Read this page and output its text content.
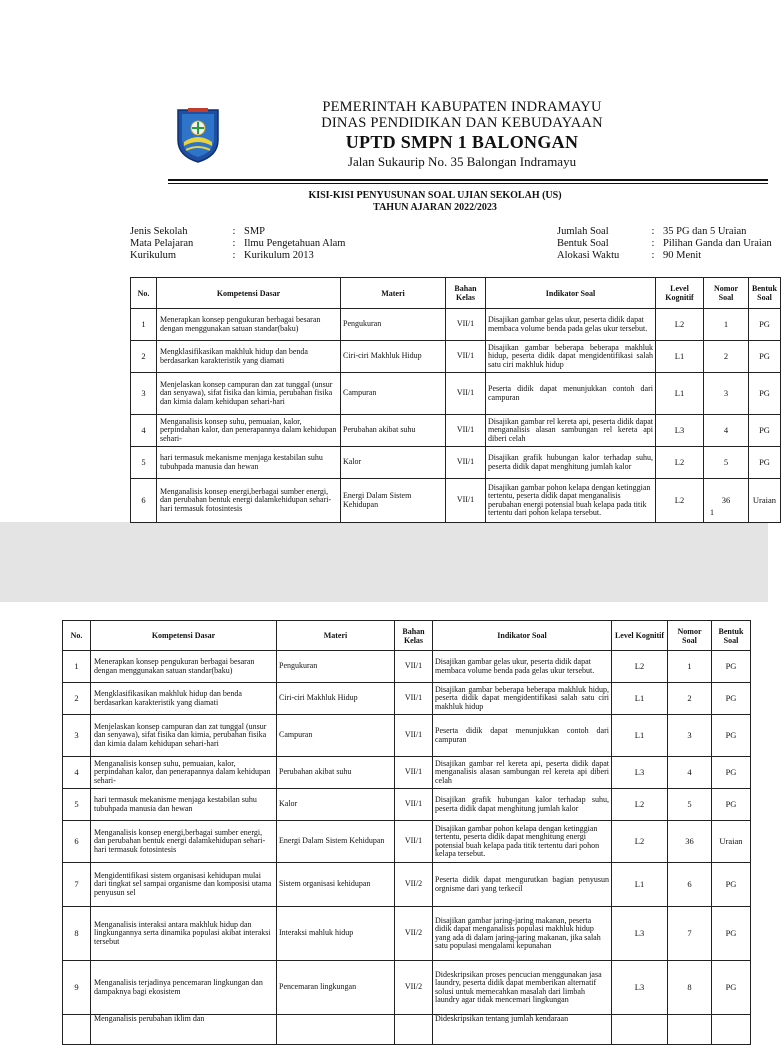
PEMERINTAH KABUPATEN INDRAMAYU
DINAS PENDIDIKAN DAN KEBUDAYAAN
UPTD SMPN 1 BALONGAN
Jalan Sukaurip No. 35 Balongan Indramayu
KISI-KISI PENYUSUNAN SOAL UJIAN SEKOLAH (US)
TAHUN AJARAN 2022/2023
Jenis Sekolah	: SMP
Mata Pelajaran	: Ilmu Pengetahuan Alam
Kurikulum	: Kurikulum 2013
Jumlah Soal	: 35 PG dan 5 Uraian
Bentuk Soal	: Pilihan Ganda dan Uraian
Alokasi Waktu	: 90 Menit
No.	Kompetensi Dasar	Materi	Bahan Kelas	Indikator Soal	Level Kognitif	Nomor Soal	Bentuk Soal
1	Menerapkan konsep pengukuran berbagai besaran dengan menggunakan satuan standar(baku)	Pengukuran	VII/1	Disajikan gambar gelas ukur, peserta didik dapat membaca volume benda pada gelas ukur tersebut.	L2	1	PG
2	Mengklasifikasikan makhluk hidup dan benda berdasarkan karakteristik yang diamati	Ciri-ciri Makhluk Hidup	VII/1	Disajikan gambar beberapa beberapa makhluk hidup, peserta didik dapat mengidentifikasi salah satu ciri makhluk hidup	L1	2	PG
3	Menjelaskan konsep campuran dan zat tunggal (unsur dan senyawa), sifat fisika dan kimia, perubahan fisika dan kimia dalam kehidupan sehari-hari	Campuran	VII/1	Peserta didik dapat menunjukkan contoh dari campuran	L1	3	PG
4	Menganalisis konsep suhu, pemuaian, kalor, perpindahan kalor, dan penerapannya dalam kehidupan sehari-	Perubahan akibat suhu	VII/1	Disajikan gambar rel kereta api, peserta didik dapat menganalisis alasan sambungan rel kereta api diberi celah	L3	4	PG
5	hari termasuk mekanisme menjaga kestabilan suhu tubuhpada manusia dan hewan	Kalor	VII/1	Disajikan grafik hubungan kalor terhadap suhu, peserta didik dapat menghitung jumlah kalor	L2	5	PG
6	Menganalisis konsep energi,berbagai sumber energi, dan perubahan bentuk energi dalamkehidupan sehari-hari termasuk fotosintesis	Energi Dalam Sistem Kehidupan	VII/1	Disajikan gambar pohon kelapa dengan ketinggian tertentu, peserta didik dapat menganalisis perubahan energi potensial buah kelapa pada titik tertentu dari pohon kelapa tersebut.	L2	36	Uraian
1
No.	Kompetensi Dasar	Materi	Bahan Kelas	Indikator Soal	Level Kognitif	Nomor Soal	Bentuk Soal
1	Menerapkan konsep pengukuran berbagai besaran dengan menggunakan satuan standar(baku)	Pengukuran	VII/1	Disajikan gambar gelas ukur, peserta didik dapat membaca volume benda pada gelas ukur tersebut.	L2	1	PG
2	Mengklasifikasikan makhluk hidup dan benda berdasarkan karakteristik yang diamati	Ciri-ciri Makhluk Hidup	VII/1	Disajikan gambar beberapa beberapa makhluk hidup, peserta didik dapat mengidentifikasi salah satu ciri makhluk hidup	L1	2	PG
3	Menjelaskan konsep campuran dan zat tunggal (unsur dan senyawa), sifat fisika dan kimia, perubahan fisika dan kimia dalam kehidupan sehari-hari	Campuran	VII/1	Peserta didik dapat menunjukkan contoh dari campuran	L1	3	PG
4	Menganalisis konsep suhu, pemuaian, kalor, perpindahan kalor, dan penerapannya dalam kehidupan sehari-	Perubahan akibat suhu	VII/1	Disajikan gambar rel kereta api, peserta didik dapat menganalisis alasan sambungan rel kereta api diberi celah	L3	4	PG
5	hari termasuk mekanisme menjaga kestabilan suhu tubuhpada manusia dan hewan	Kalor	VII/1	Disajikan grafik hubungan kalor terhadap suhu, peserta didik dapat menghitung jumlah kalor	L2	5	PG
6	Menganalisis konsep energi,berbagai sumber energi, dan perubahan bentuk energi dalamkehidupan sehari-hari termasuk fotosintesis	Energi Dalam Sistem Kehidupan	VII/1	Disajikan gambar pohon kelapa dengan ketinggian tertentu, peserta didik dapat menghitung energi potensial buah kelapa pada titik tertentu dari pohon kelapa tersebut.	L2	36	Uraian
7	Mengidentifikasi sistem organisasi kehidupan mulai dari tingkat sel sampai organisme dan komposisi utama penyusun sel	Sistem organisasi kehidupan	VII/2	Peserta didik dapat mengurutkan bagian penyusun orgnisme dari yang terkecil	L1	6	PG
8	Menganalisis interaksi antara makhluk hidup dan lingkungannya serta dinamika populasi akibat interaksi tersebut	Interaksi mahluk hidup	VII/2	Disajikan gambar jaring-jaring makanan, peserta didik dapat menganalisis populasi makhluk hidup yang ada di dalam jaring-jaring makanan, jika salah satu populasi mengalami kepunahan	L3	7	PG
9	Menganalisis terjadinya pencemaran lingkungan dan dampaknya bagi ekosistem	Pencemaran lingkungan	VII/2	Dideskripsikan proses pencucian menggunakan jasa laundry, peserta didik dapat memberikan alternatif solusi untuk memecahkan masalah dari limbah laundry agar tidak mencemari lingkungan	L3	8	PG
	Menganalisis perubahan iklim dan			Dideskripsikan tentang jumlah kendaraan			
